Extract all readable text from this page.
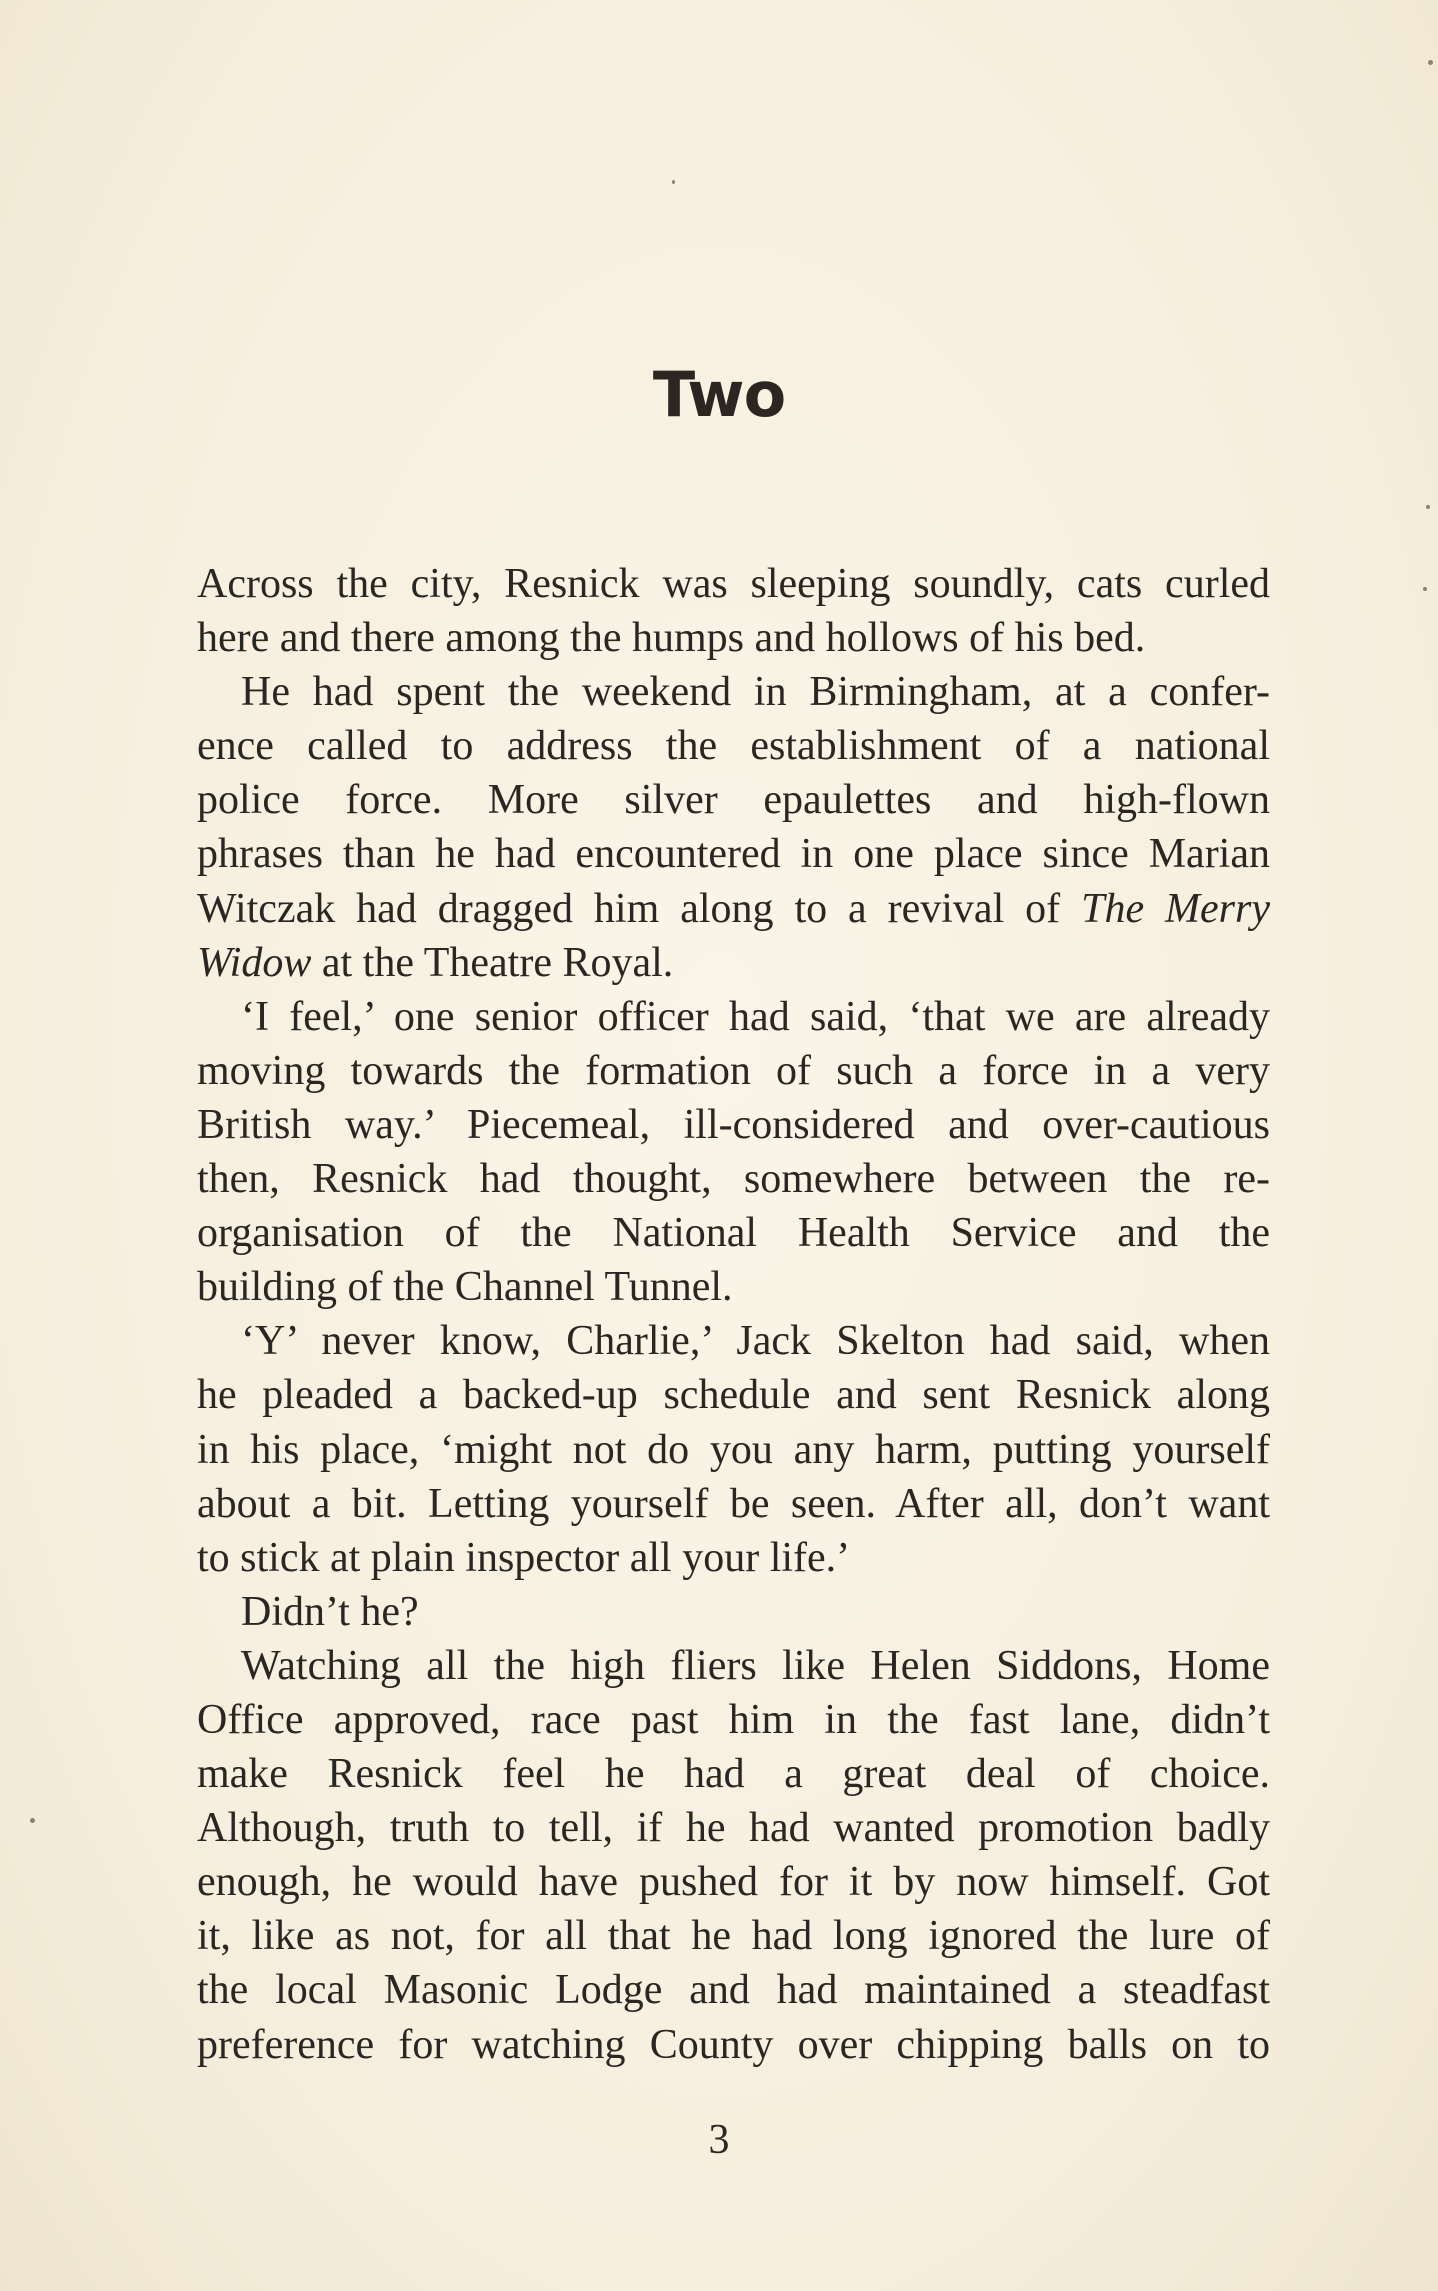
Two

Across the city, Resnick was sleeping soundly, cats curled
here and there among the humps and hollows of his bed.

He had spent the weekend in Birmingham, at a confer-
ence called to address the establishment of a national
police force. More silver epaulettes and high-flown
phrases than he had encountered in one place since Marian
Witczak had dragged him along to a revival of The Merry
Widow at the Theatre Royal.

‘I feel,’ one senior officer had said, ‘that we are already
moving towards the formation of such a force in a very
British way.’ Piecemeal, ill-considered and over-cautious
then, Resnick had thought, somewhere between the re-
organisation of the National Health Service and the
building of the Channel Tunnel.

‘Y’ never know, Charlie,’ Jack Skelton had said, when
he pleaded a backed-up schedule and sent Resnick along
in his place, ‘might not do you any harm, putting yourself
about a bit. Letting yourself be seen. After all, don’t want
to stick at plain inspector all your life.’

Didn’t he?

Watching all the high fliers like Helen Siddons, Home
Office approved, race past him in the fast lane, didn’t
make Resnick feel he had a great deal of choice.
Although, truth to tell, if he had wanted promotion badly
enough, he would have pushed for it by now himself. Got
it, like as not, for all that he had long ignored the lure of
the local Masonic Lodge and had maintained a steadfast
preference for watching County over chipping balls on to

3
